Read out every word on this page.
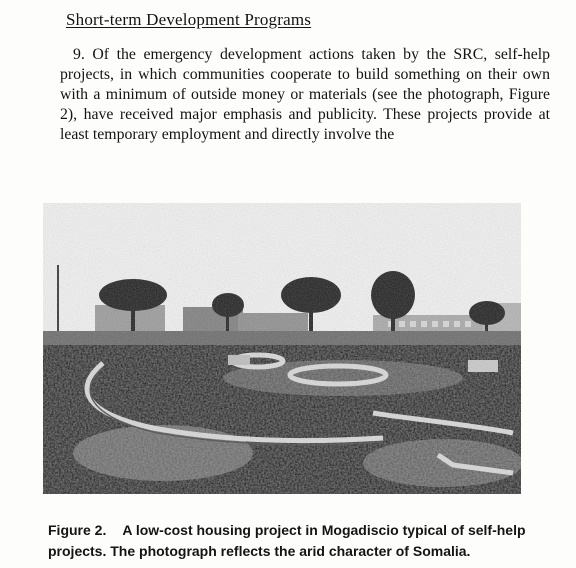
Short-term Development Programs

9. Of the emergency development actions taken by the SRC, self-help projects, in which communities cooperate to build something on their own with a minimum of outside money or materials (see the photograph, Figure 2), have received major emphasis and publicity. These projects provide at least temporary employment and directly involve the

Figure 2. A low-cost housing project in Mogadiscio typical of self-help projects. The photograph reflects the arid character of Somalia.
